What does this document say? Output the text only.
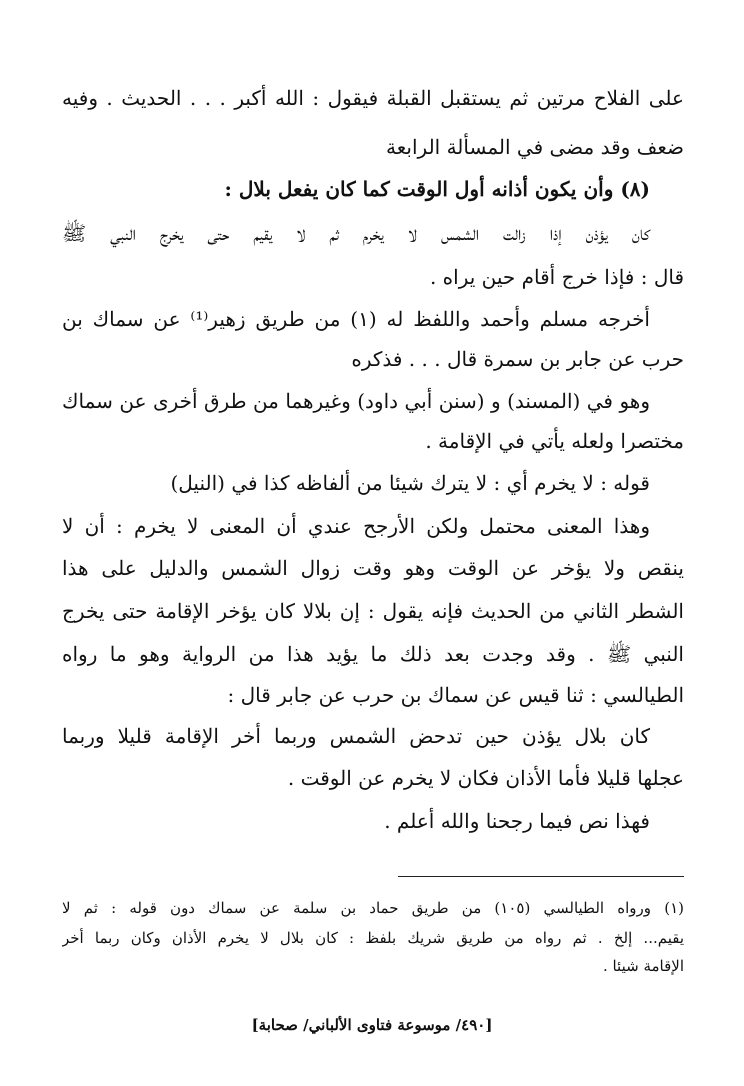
على الفلاح مرتين ثم يستقبل القبلة فيقول : الله أكبر . . . الحديث . وفيه
ضعف وقد مضى في المسألة الرابعة
(٨) وأن يكون أذانه أول الوقت كما كان يفعل بلال :
كان يؤذن إذا زالت الشمس لا يخرم ثم لا يقيم حتى يخرج النبي ﷺ
قال : فإذا خرج أقام حين يراه .
أخرجه مسلم وأحمد واللفظ له (١) من طريق زهير⁽¹⁾ عن سماك بن
حرب عن جابر بن سمرة قال . . . فذكره
وهو في (المسند) و (سنن أبي داود) وغيرهما من طرق أخرى عن سماك
مختصرا ولعله يأتي في الإقامة .
قوله : لا يخرم أي : لا يترك شيئا من ألفاظه كذا في (النيل)
وهذا المعنى محتمل ولكن الأرجح عندي أن المعنى لا يخرم : أن لا
ينقص ولا يؤخر عن الوقت وهو وقت زوال الشمس والدليل على هذا
الشطر الثاني من الحديث فإنه يقول : إن بلالا كان يؤخر الإقامة حتى يخرج
النبي ﷺ . وقد وجدت بعد ذلك ما يؤيد هذا من الرواية وهو ما رواه
الطيالسي : ثنا قيس عن سماك بن حرب عن جابر قال :
كان بلال يؤذن حين تدحض الشمس وربما أخر الإقامة قليلا وربما
عجلها قليلا فأما الأذان فكان لا يخرم عن الوقت .
فهذا نص فيما رجحنا والله أعلم .
(١) ورواه الطيالسي (١٠٥) من طريق حماد بن سلمة عن سماك دون قوله : ثم لا
يقيم... إلخ . ثم رواه من طريق شريك بلفظ : كان بلال لا يخرم الأذان وكان ربما أخر
الإقامة شيئا .
[٤٩٠/ موسوعة فتاوى الألباني/ صحابة]
